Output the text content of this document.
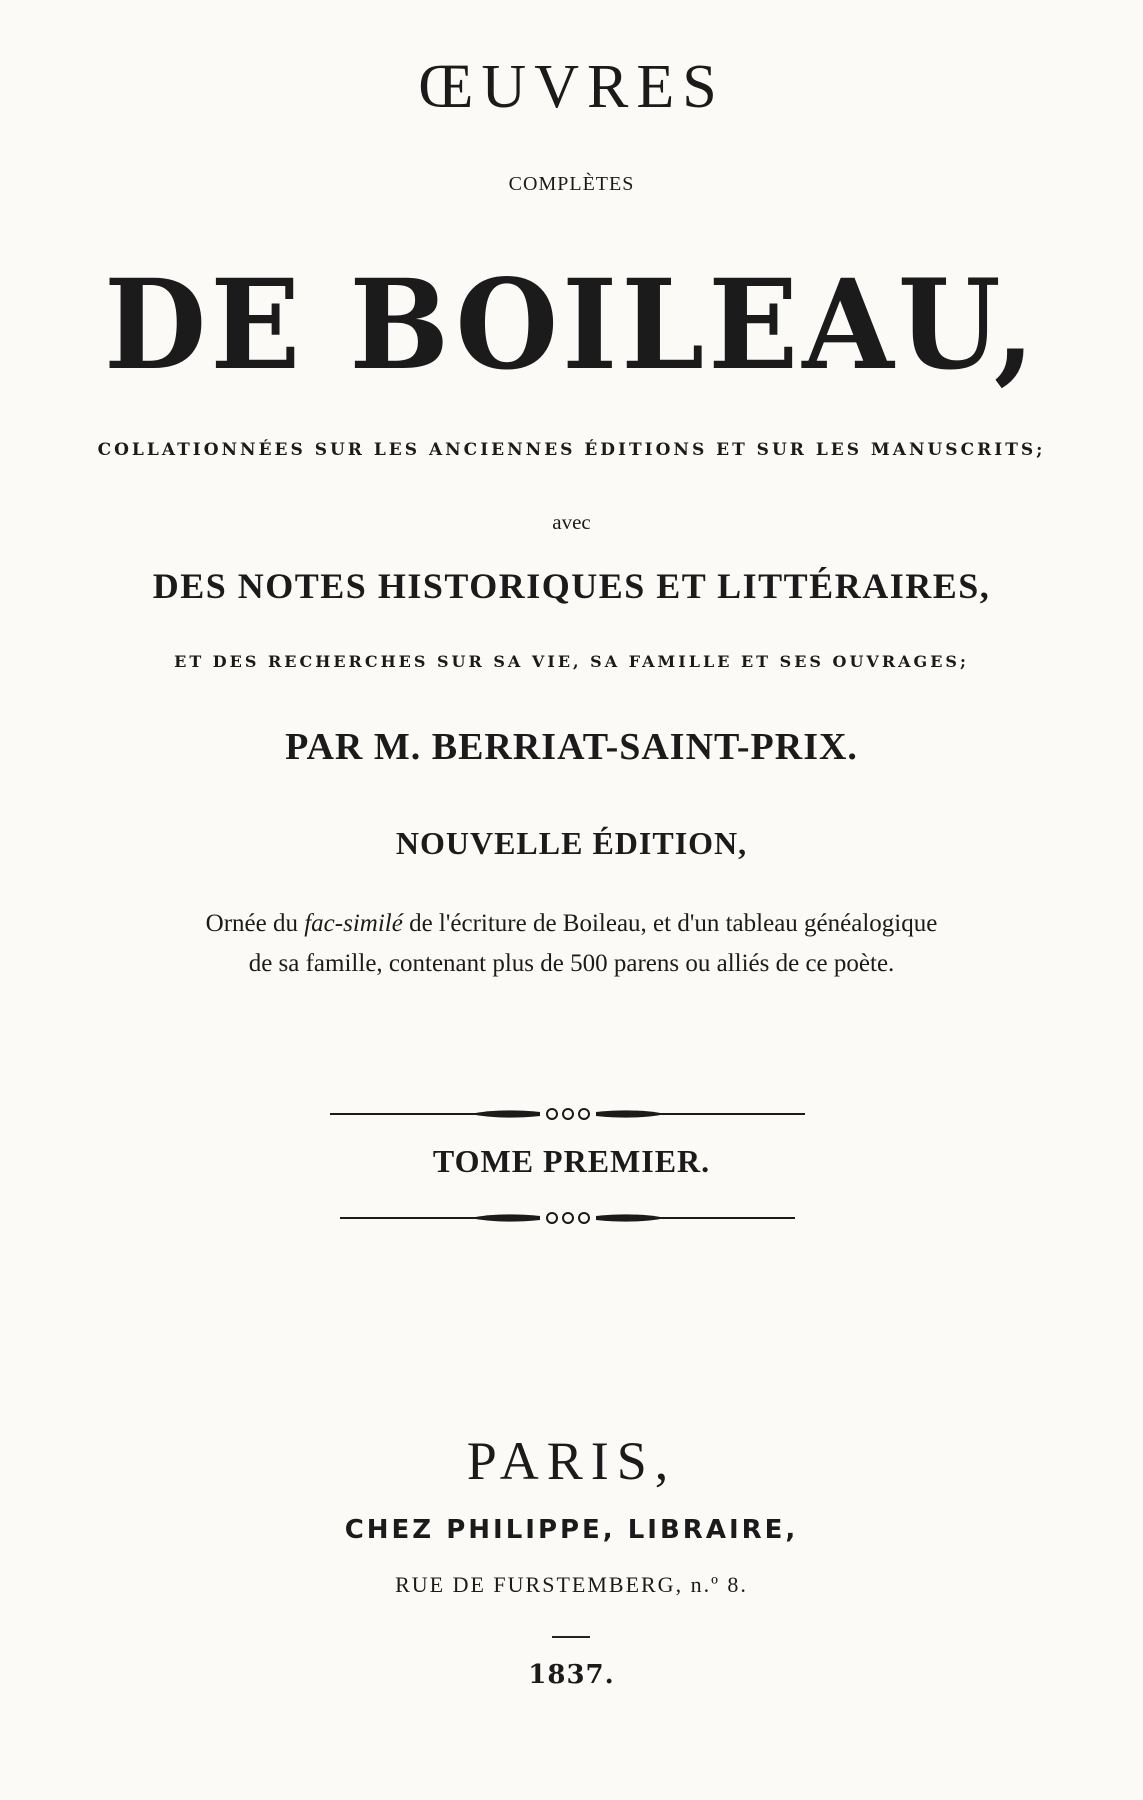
ŒUVRES
complètes
DE BOILEAU,
COLLATIONNÉES SUR LES ANCIENNES ÉDITIONS ET SUR LES MANUSCRITS;
avec
DES NOTES HISTORIQUES ET LITTÉRAIRES,
ET DES RECHERCHES SUR SA VIE, SA FAMILLE ET SES OUVRAGES;
PAR M. BERRIAT-SAINT-PRIX.
NOUVELLE ÉDITION,
Ornée du fac-similé de l'écriture de Boileau, et d'un tableau généalogique
de sa famille, contenant plus de 500 parens ou alliés de ce poète.
TOME PREMIER.
PARIS,
CHEZ PHILIPPE, LIBRAIRE,
RUE DE FURSTEMBERG, n.º 8.
1837.
